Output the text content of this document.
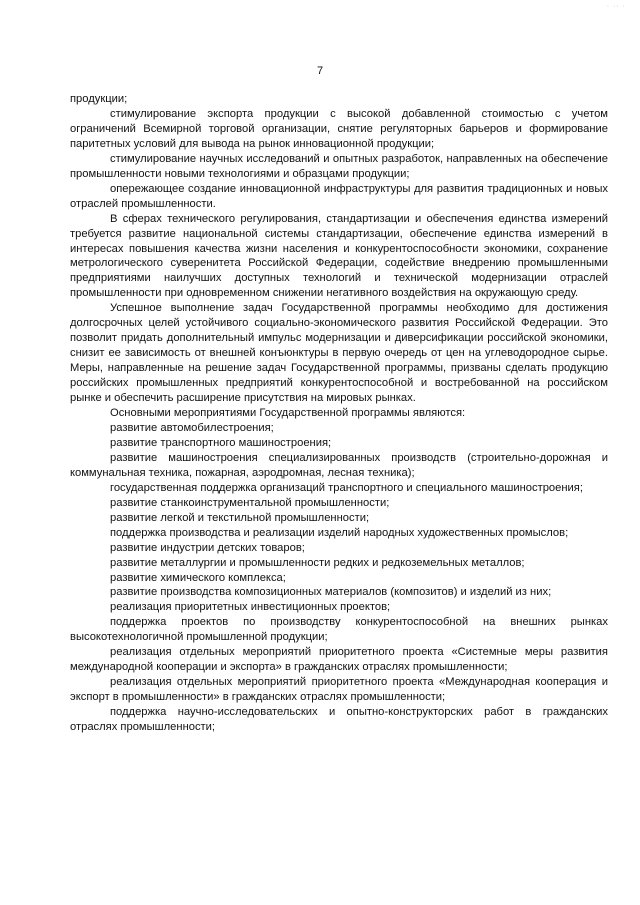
· ·· ·
7

продукции;

стимулирование экспорта продукции с высокой добавленной стоимостью с учетом ограничений Всемирной торговой организации, снятие регуляторных барьеров и формирование паритетных условий для вывода на рынок инновационной продукции;

стимулирование научных исследований и опытных разработок, направленных на обеспечение промышленности новыми технологиями и образцами продукции;

опережающее создание инновационной инфраструктуры для развития традиционных и новых отраслей промышленности.

В сферах технического регулирования, стандартизации и обеспечения единства измерений требуется развитие национальной системы стандартизации, обеспечение единства измерений в интересах повышения качества жизни населения и конкурентоспособности экономики, сохранение метрологического суверенитета Российской Федерации, содействие внедрению промышленными предприятиями наилучших доступных технологий и технической модернизации отраслей промышленности при одновременном снижении негативного воздействия на окружающую среду.

Успешное выполнение задач Государственной программы необходимо для достижения долгосрочных целей устойчивого социально-экономического развития Российской Федерации. Это позволит придать дополнительный импульс модернизации и диверсификации российской экономики, снизит ее зависимость от внешней конъюнктуры в первую очередь от цен на углеводородное сырье. Меры, направленные на решение задач Государственной программы, призваны сделать продукцию российских промышленных предприятий конкурентоспособной и востребованной на российском рынке и обеспечить расширение присутствия на мировых рынках.

Основными мероприятиями Государственной программы являются:

развитие автомобилестроения;

развитие транспортного машиностроения;

развитие машиностроения специализированных производств (строительно-дорожная и коммунальная техника, пожарная, аэродромная, лесная техника);

государственная поддержка организаций транспортного и специального машиностроения;

развитие станкоинструментальной промышленности;

развитие легкой и текстильной промышленности;

поддержка производства и реализации изделий народных художественных промыслов;

развитие индустрии детских товаров;

развитие металлургии и промышленности редких и редкоземельных металлов;

развитие химического комплекса;

развитие производства композиционных материалов (композитов) и изделий из них;

реализация приоритетных инвестиционных проектов;

поддержка проектов по производству конкурентоспособной на внешних рынках высокотехнологичной промышленной продукции;

реализация отдельных мероприятий приоритетного проекта «Системные меры развития международной кооперации и экспорта» в гражданских отраслях промышленности;

реализация отдельных мероприятий приоритетного проекта «Международная кооперация и экспорт в промышленности» в гражданских отраслях промышленности;

поддержка научно-исследовательских и опытно-конструкторских работ в гражданских отраслях промышленности;
